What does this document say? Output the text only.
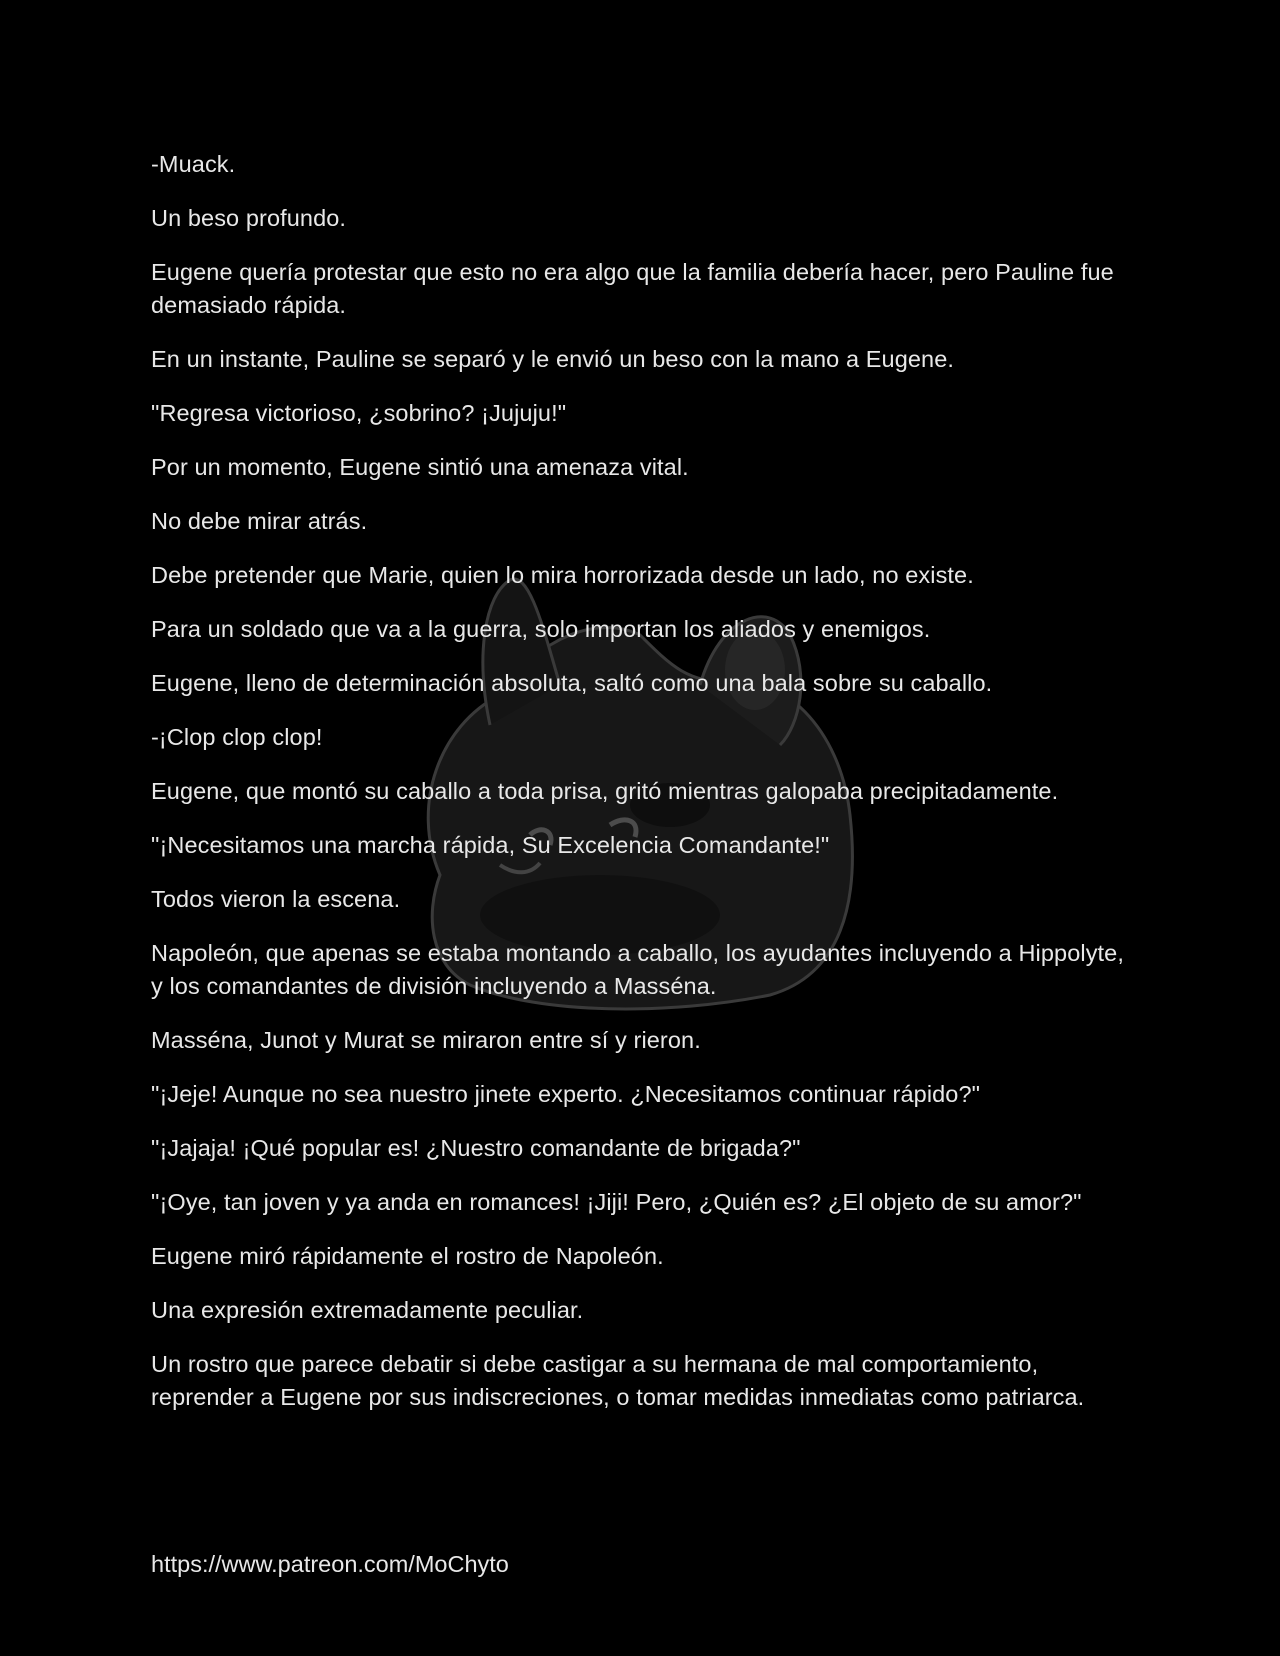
-Muack.

Un beso profundo.

Eugene quería protestar que esto no era algo que la familia debería hacer, pero Pauline fue demasiado rápida.

En un instante, Pauline se separó y le envió un beso con la mano a Eugene.

"Regresa victorioso, ¿sobrino? ¡Jujuju!"

Por un momento, Eugene sintió una amenaza vital.

No debe mirar atrás.

Debe pretender que Marie, quien lo mira horrorizada desde un lado, no existe.

Para un soldado que va a la guerra, solo importan los aliados y enemigos.

Eugene, lleno de determinación absoluta, saltó como una bala sobre su caballo.

-¡Clop clop clop!

Eugene, que montó su caballo a toda prisa, gritó mientras galopaba precipitadamente.

"¡Necesitamos una marcha rápida, Su Excelencia Comandante!"

Todos vieron la escena.

Napoleón, que apenas se estaba montando a caballo, los ayudantes incluyendo a Hippolyte, y los comandantes de división incluyendo a Masséna.

Masséna, Junot y Murat se miraron entre sí y rieron.

"¡Jeje! Aunque no sea nuestro jinete experto. ¿Necesitamos continuar rápido?"

"¡Jajaja! ¡Qué popular es! ¿Nuestro comandante de brigada?"

"¡Oye, tan joven y ya anda en romances! ¡Jiji! Pero, ¿Quién es? ¿El objeto de su amor?"

Eugene miró rápidamente el rostro de Napoleón.

Una expresión extremadamente peculiar.

Un rostro que parece debatir si debe castigar a su hermana de mal comportamiento, reprender a Eugene por sus indiscreciones, o tomar medidas inmediatas como patriarca.

https://www.patreon.com/MoChyto
